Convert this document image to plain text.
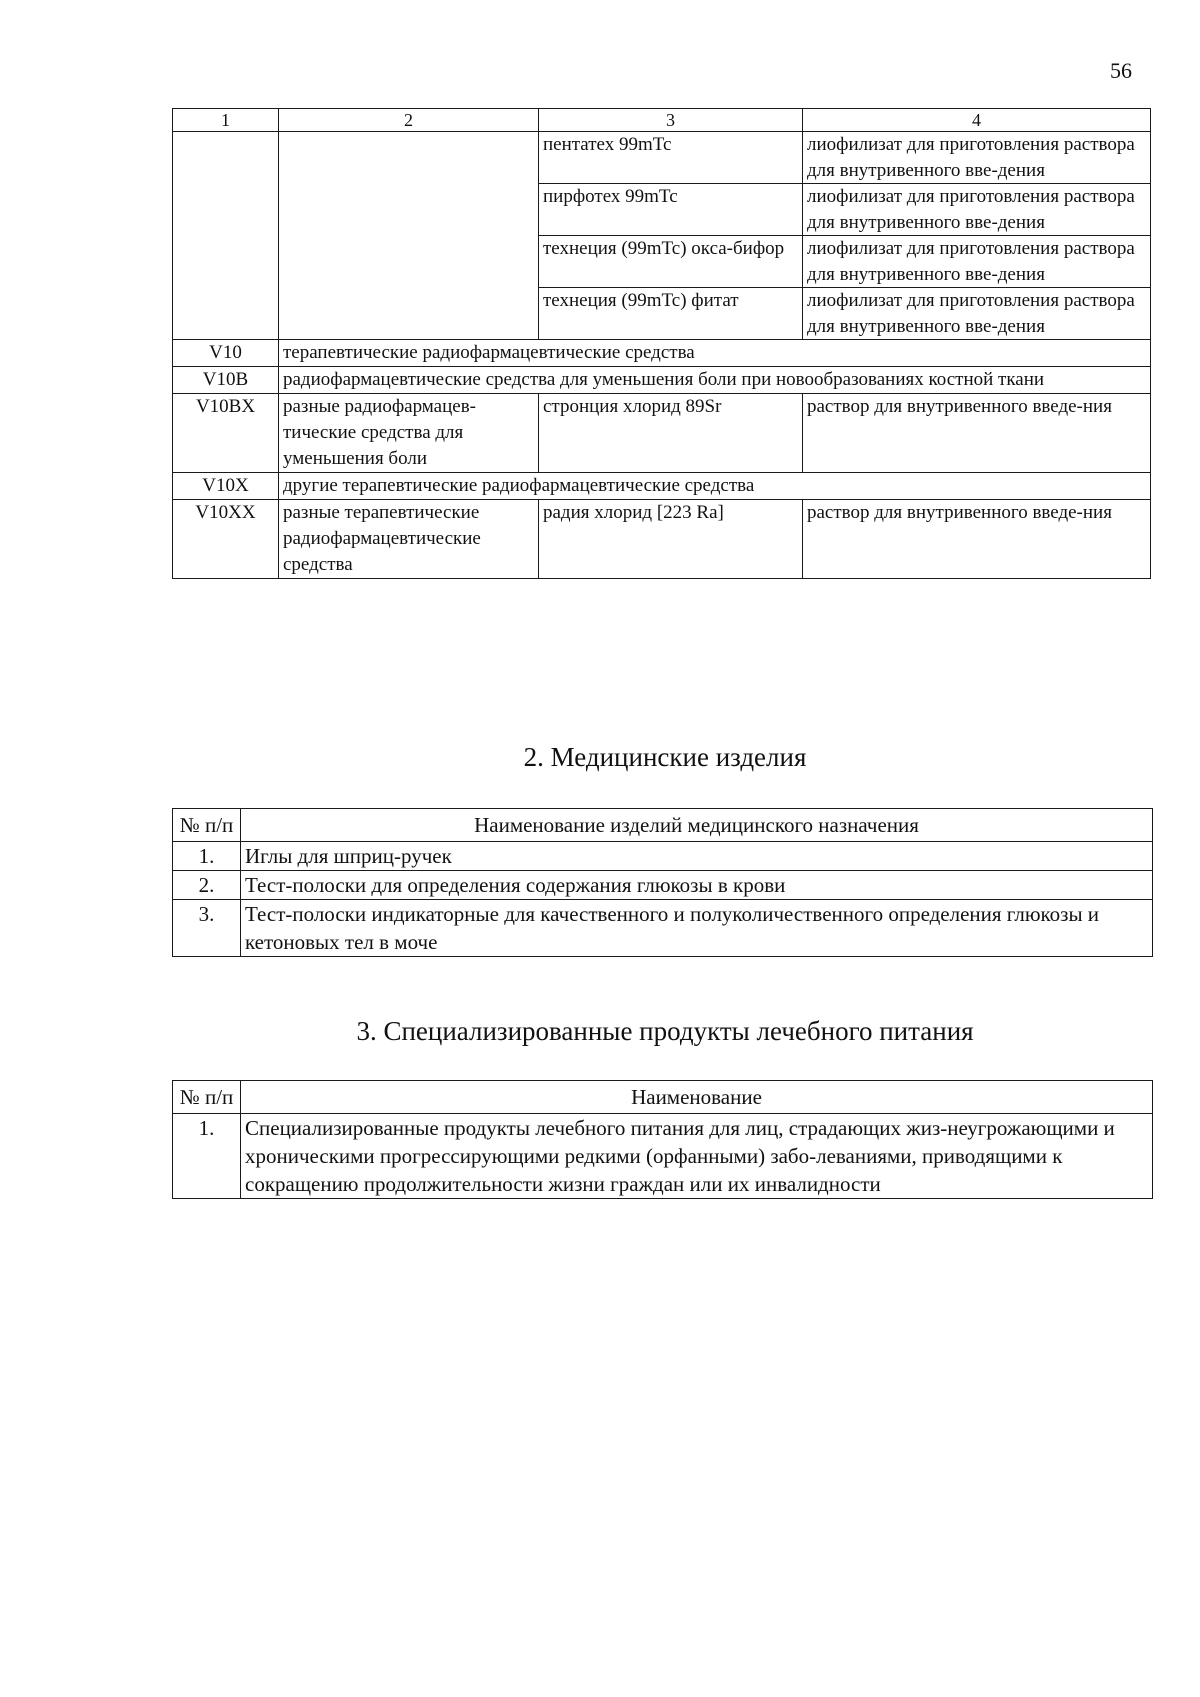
56
1	2	3	4
		пентатех 99mTc	лиофилизат для приготовления раствора для внутривенного вве-дения
		пирфотех 99mTc	лиофилизат для приготовления раствора для внутривенного вве-дения
		технеция (99mTc) окса-бифор	лиофилизат для приготовления раствора для внутривенного вве-дения
		технеция (99mTc) фитат	лиофилизат для приготовления раствора для внутривенного вве-дения
V10	терапевтические радиофармацевтические средства		
V10B	радиофармацевтические средства для уменьшения боли при новообразованиях костной ткани		
V10BX	разные радиофармацев-тические средства для уменьшения боли	стронция хлорид 89Sr	раствор для внутривенного введе-ния
V10X	другие терапевтические радиофармацевтические средства		
V10XX	разные терапевтические радиофармацевтические средства	радия хлорид [223 Ra]	раствор для внутривенного введе-ния
2. Медицинские изделия
№ п/п	Наименование изделий медицинского назначения
1.	Иглы для шприц-ручек
2.	Тест-полоски для определения содержания глюкозы в крови
3.	Тест-полоски индикаторные для качественного и полуколичественного определения глюкозы и кетоновых тел в моче
3. Специализированные продукты лечебного питания
№ п/п	Наименование
1.	Специализированные продукты лечебного питания для лиц, страдающих жиз-неугрожающими и хроническими прогрессирующими редкими (орфанными) забо-леваниями, приводящими к сокращению продолжительности жизни граждан или их инвалидности
